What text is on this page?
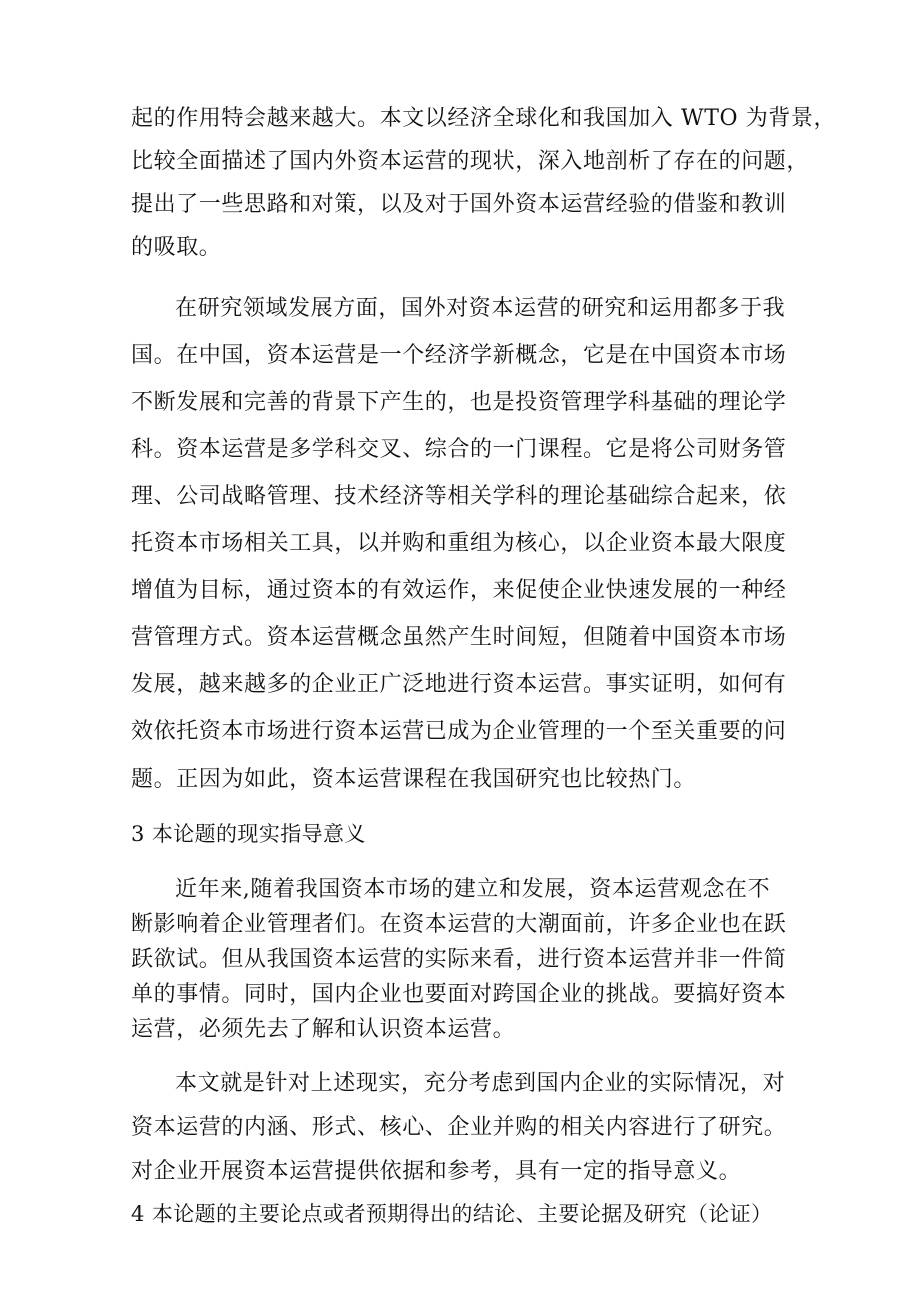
起的作用特会越来越大。本文以经济全球化和我国加入 WTO 为背景，
比较全面描述了国内外资本运营的现状，深入地剖析了存在的问题，
提出了一些思路和对策，以及对于国外资本运营经验的借鉴和教训
的吸取。
在研究领域发展方面，国外对资本运营的研究和运用都多于我
国。在中国，资本运营是一个经济学新概念，它是在中国资本市场
不断发展和完善的背景下产生的，也是投资管理学科基础的理论学
科。资本运营是多学科交叉、综合的一门课程。它是将公司财务管
理、公司战略管理、技术经济等相关学科的理论基础综合起来，依
托资本市场相关工具，以并购和重组为核心，以企业资本最大限度
增值为目标，通过资本的有效运作，来促使企业快速发展的一种经
营管理方式。资本运营概念虽然产生时间短，但随着中国资本市场
发展，越来越多的企业正广泛地进行资本运营。事实证明，如何有
效依托资本市场进行资本运营已成为企业管理的一个至关重要的问
题。正因为如此，资本运营课程在我国研究也比较热门。
3 本论题的现实指导意义
近年来,随着我国资本市场的建立和发展，资本运营观念在不
断影响着企业管理者们。在资本运营的大潮面前，许多企业也在跃
跃欲试。但从我国资本运营的实际来看，进行资本运营并非一件简
单的事情。同时，国内企业也要面对跨国企业的挑战。要搞好资本
运营，必须先去了解和认识资本运营。
本文就是针对上述现实，充分考虑到国内企业的实际情况，对
资本运营的内涵、形式、核心、企业并购的相关内容进行了研究。
对企业开展资本运营提供依据和参考，具有一定的指导意义。
4 本论题的主要论点或者预期得出的结论、主要论据及研究（论证）
